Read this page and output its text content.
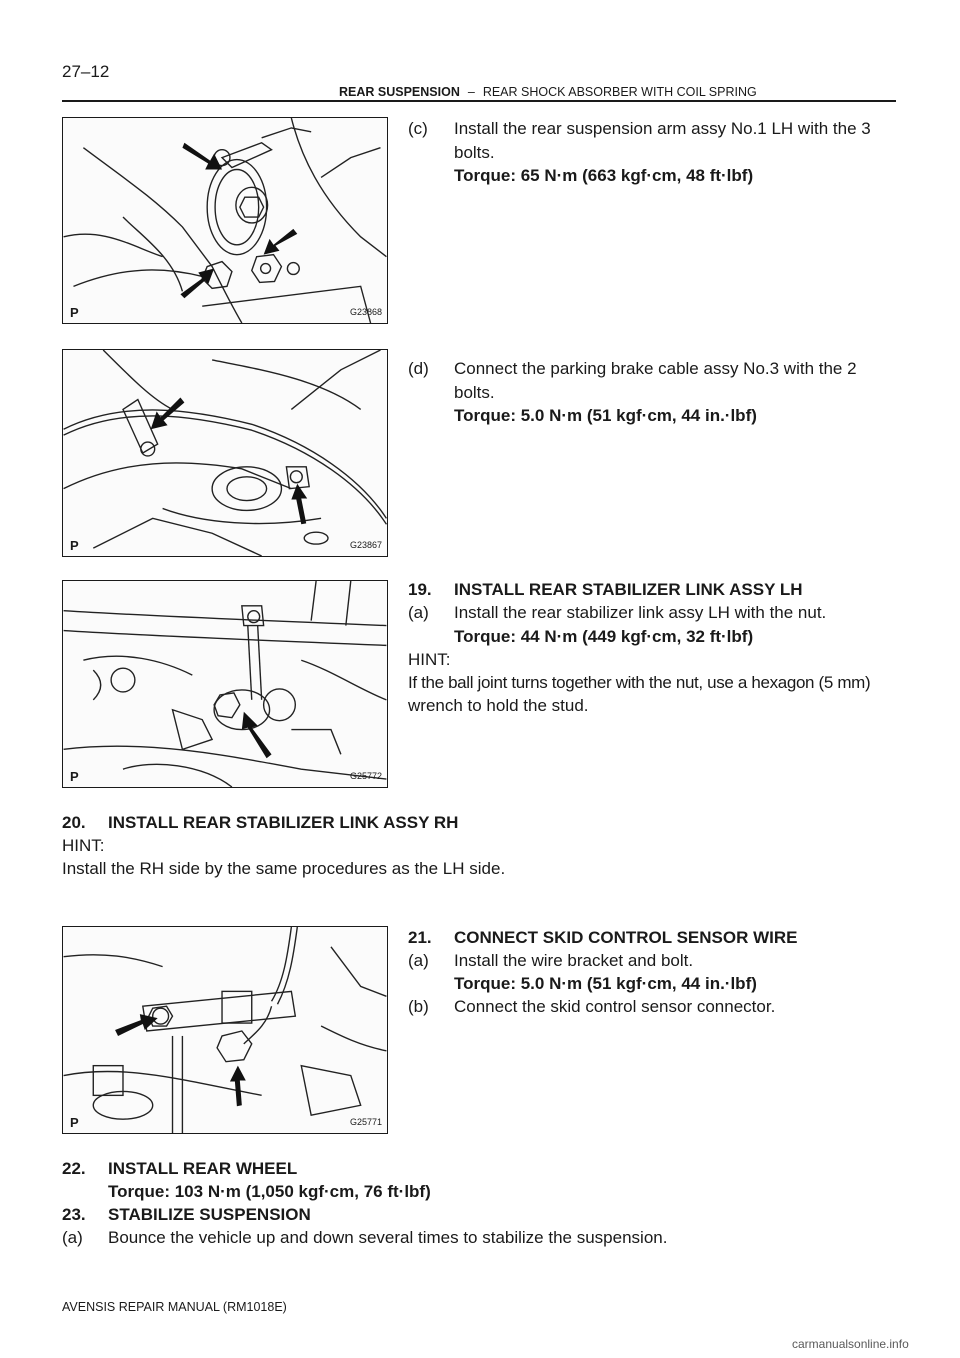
27–12
REAR SUSPENSION – REAR SHOCK ABSORBER WITH COIL SPRING
P	G23868
P	G23867
P	G25772
P	G25771
(c) Install the rear suspension arm assy No.1 LH with the 3
bolts.
Torque: 65 N·m (663 kgf·cm, 48 ft·lbf)
(d) Connect the parking brake cable assy No.3 with the 2
bolts.
Torque: 5.0 N·m (51 kgf·cm, 44 in.·lbf)
19. INSTALL REAR STABILIZER LINK ASSY LH
(a) Install the rear stabilizer link assy LH with the nut.
Torque: 44 N·m (449 kgf·cm, 32 ft·lbf)
HINT:
If the ball joint turns together with the nut, use a hexagon (5 mm)
wrench to hold the stud.
20. INSTALL REAR STABILIZER LINK ASSY RH
HINT:
Install the RH side by the same procedures as the LH side.
21. CONNECT SKID CONTROL SENSOR WIRE
(a) Install the wire bracket and bolt.
Torque: 5.0 N·m (51 kgf·cm, 44 in.·lbf)
(b) Connect the skid control sensor connector.
22. INSTALL REAR WHEEL
Torque: 103 N·m (1,050 kgf·cm, 76 ft·lbf)
23. STABILIZE SUSPENSION
(a) Bounce the vehicle up and down several times to stabilize the suspension.
AVENSIS REPAIR MANUAL (RM1018E)
carmanualsonline.info
